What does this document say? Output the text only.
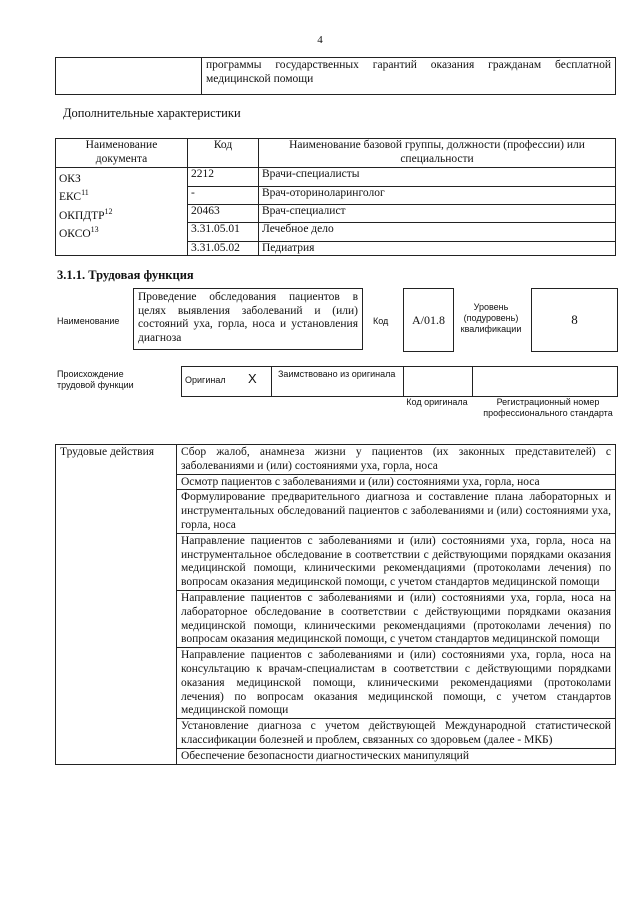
4
	программы государственных гарантий оказания гражданам бесплатной медицинской помощи
Дополнительные характеристики
Наименование документа	Код	Наименование базовой группы, должности (профессии) или специальности
ОКЗ	2212	Врачи-специалисты
ЕКС$^{11}$	-	Врач-оториноларинголог
ОКПДТР$^{12}$	20463	Врач-специалист
ОКСО$^{13}$	3.31.05.01	Лечебное дело
	3.31.05.02	Педиатрия
3.1.1. Трудовая функция
Наименование
Проведение обследования пациентов в целях выявления заболеваний и (или) состояний уха, горла, носа и установления диагноза
Код A/01.8
Уровень (подуровень) квалификации
8
Происхождение трудовой функции	Оригинал X Заимствовано из оригинала
Код оригинала	Регистрационный номер профессионального стандарта
Трудовые действия	Сбор жалоб, анамнеза жизни у пациентов (их законных представителей) с заболеваниями и (или) состояниями уха, горла, носа
Осмотр пациентов с заболеваниями и (или) состояниями уха, горла, носа
Формулирование предварительного диагноза и составление плана лабораторных и инструментальных обследований пациентов с заболеваниями и (или) состояниями уха, горла, носа
Направление пациентов с заболеваниями и (или) состояниями уха, горла, носа на инструментальное обследование в соответствии с действующими порядками оказания медицинской помощи, клиническими рекомендациями (протоколами лечения) по вопросам оказания медицинской помощи, с учетом стандартов медицинской помощи
Направление пациентов с заболеваниями и (или) состояниями уха, горла, носа на лабораторное обследование в соответствии с действующими порядками оказания медицинской помощи, клиническими рекомендациями (протоколами лечения) по вопросам оказания медицинской помощи, с учетом стандартов медицинской помощи
Направление пациентов с заболеваниями и (или) состояниями уха, горла, носа на консультацию к врачам-специалистам в соответствии с действующими порядками оказания медицинской помощи, клиническими рекомендациями (протоколами лечения) по вопросам оказания медицинской помощи, с учетом стандартов медицинской помощи
Установление диагноза с учетом действующей Международной статистической классификации болезней и проблем, связанных со здоровьем (далее - МКБ)
Обеспечение безопасности диагностических манипуляций
